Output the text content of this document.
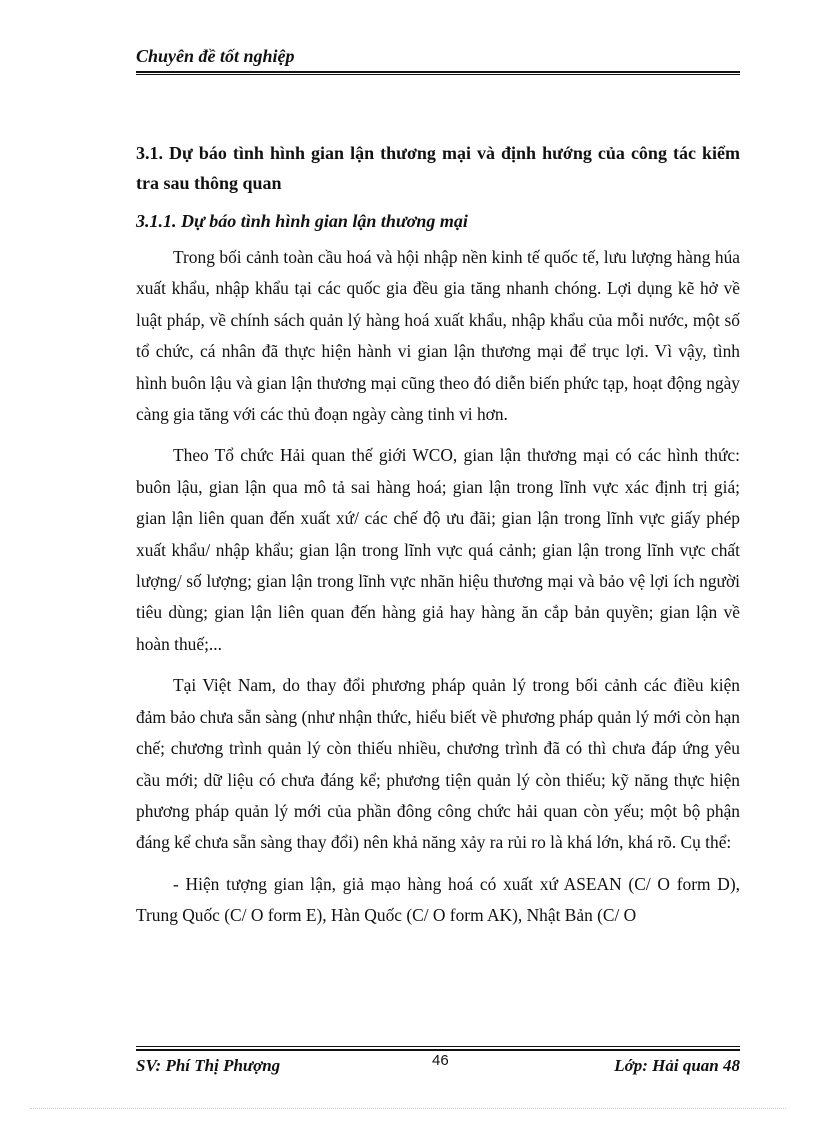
Chuyên đề tốt nghiệp

3.1. Dự báo tình hình gian lận thương mại và định hướng của công tác kiểm tra sau thông quan

3.1.1. Dự báo tình hình gian lận thương mại

Trong bối cảnh toàn cầu hoá và hội nhập nền kinh tế quốc tế, lưu lượng hàng húa xuất khẩu, nhập khẩu tại các quốc gia đều gia tăng nhanh chóng. Lợi dụng kẽ hở về luật pháp, về chính sách quản lý hàng hoá xuất khẩu, nhập khẩu của mỗi nước, một số tổ chức, cá nhân đã thực hiện hành vi gian lận thương mại để trục lợi. Vì vậy, tình hình buôn lậu và gian lận thương mại cũng theo đó diễn biến phức tạp, hoạt động ngày càng gia tăng với các thủ đoạn ngày càng tinh vi hơn.

Theo Tổ chức Hải quan thế giới WCO, gian lận thương mại có các hình thức: buôn lậu, gian lận qua mô tả sai hàng hoá; gian lận trong lĩnh vực xác định trị giá; gian lận liên quan đến xuất xứ/ các chế độ ưu đãi; gian lận trong lĩnh vực giấy phép xuất khẩu/ nhập khẩu; gian lận trong lĩnh vực quá cảnh; gian lận trong lĩnh vực chất lượng/ số lượng; gian lận trong lĩnh vực nhãn hiệu thương mại và bảo vệ lợi ích người tiêu dùng; gian lận liên quan đến hàng giả hay hàng ăn cắp bản quyền; gian lận về hoàn thuế;...

Tại Việt Nam, do thay đổi phương pháp quản lý trong bối cảnh các điều kiện đảm bảo chưa sẵn sàng (như nhận thức, hiểu biết về phương pháp quản lý mới còn hạn chế; chương trình quản lý còn thiếu nhiều, chương trình đã có thì chưa đáp ứng yêu cầu mới; dữ liệu có chưa đáng kể; phương tiện quản lý còn thiếu; kỹ năng thực hiện phương pháp quản lý mới của phần đông công chức hải quan còn yếu; một bộ phận đáng kể chưa sẵn sàng thay đổi) nên khả năng xảy ra rủi ro là khá lớn, khá rõ. Cụ thể:

- Hiện tượng gian lận, giả mạo hàng hoá có xuất xứ ASEAN (C/ O form D), Trung Quốc (C/ O form E), Hàn Quốc (C/ O form AK), Nhật Bản (C/ O

SV: Phí Thị Phượng	46	Lớp: Hải quan 48
